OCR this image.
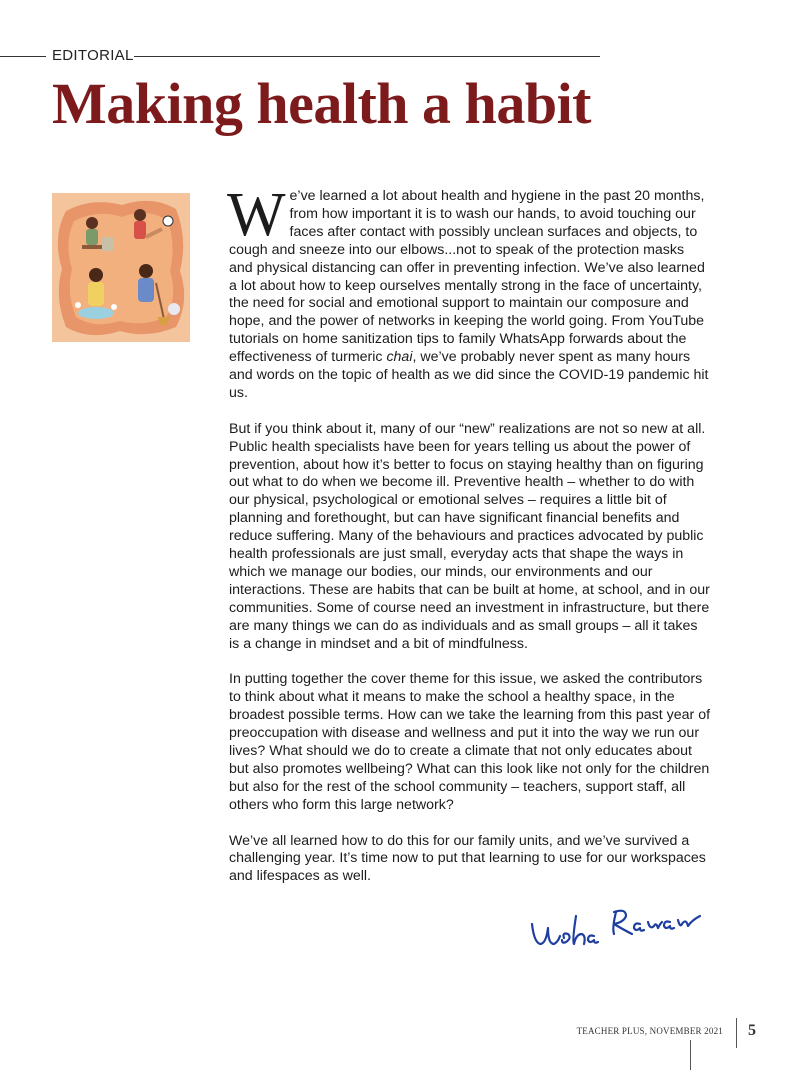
EDITORIAL
Making health a habit

We’ve learned a lot about health and hygiene in the past 20 months, from how important it is to wash our hands, to avoid touching our faces after contact with possibly unclean surfaces and objects, to cough and sneeze into our elbows...not to speak of the protection masks and physical distancing can offer in preventing infection. We’ve also learned a lot about how to keep ourselves mentally strong in the face of uncertainty, the need for social and emotional support to maintain our composure and hope, and the power of networks in keeping the world going. From YouTube tutorials on home sanitization tips to family WhatsApp forwards about the effectiveness of turmeric chai, we’ve probably never spent as many hours and words on the topic of health as we did since the COVID-19 pandemic hit us.

But if you think about it, many of our “new” realizations are not so new at all. Public health specialists have been for years telling us about the power of prevention, about how it’s better to focus on staying healthy than on figuring out what to do when we become ill. Preventive health – whether to do with our physical, psychological or emotional selves – requires a little bit of planning and forethought, but can have significant financial benefits and reduce suffering. Many of the behaviours and practices advocated by public health professionals are just small, everyday acts that shape the ways in which we manage our bodies, our minds, our environments and our interactions. These are habits that can be built at home, at school, and in our communities. Some of course need an investment in infrastructure, but there are many things we can do as individuals and as small groups – all it takes is a change in mindset and a bit of mindfulness.

In putting together the cover theme for this issue, we asked the contributors to think about what it means to make the school a healthy space, in the broadest possible terms. How can we take the learning from this past year of preoccupation with disease and wellness and put it into the way we run our lives? What should we do to create a climate that not only educates about but also promotes wellbeing? What can this look like not only for the children but also for the rest of the school community – teachers, support staff, all others who form this large network?

We’ve all learned how to do this for our family units, and we’ve survived a challenging year. It’s time now to put that learning to use for our workspaces and lifespaces as well.

TEACHER PLUS, NOVEMBER 2021 5
